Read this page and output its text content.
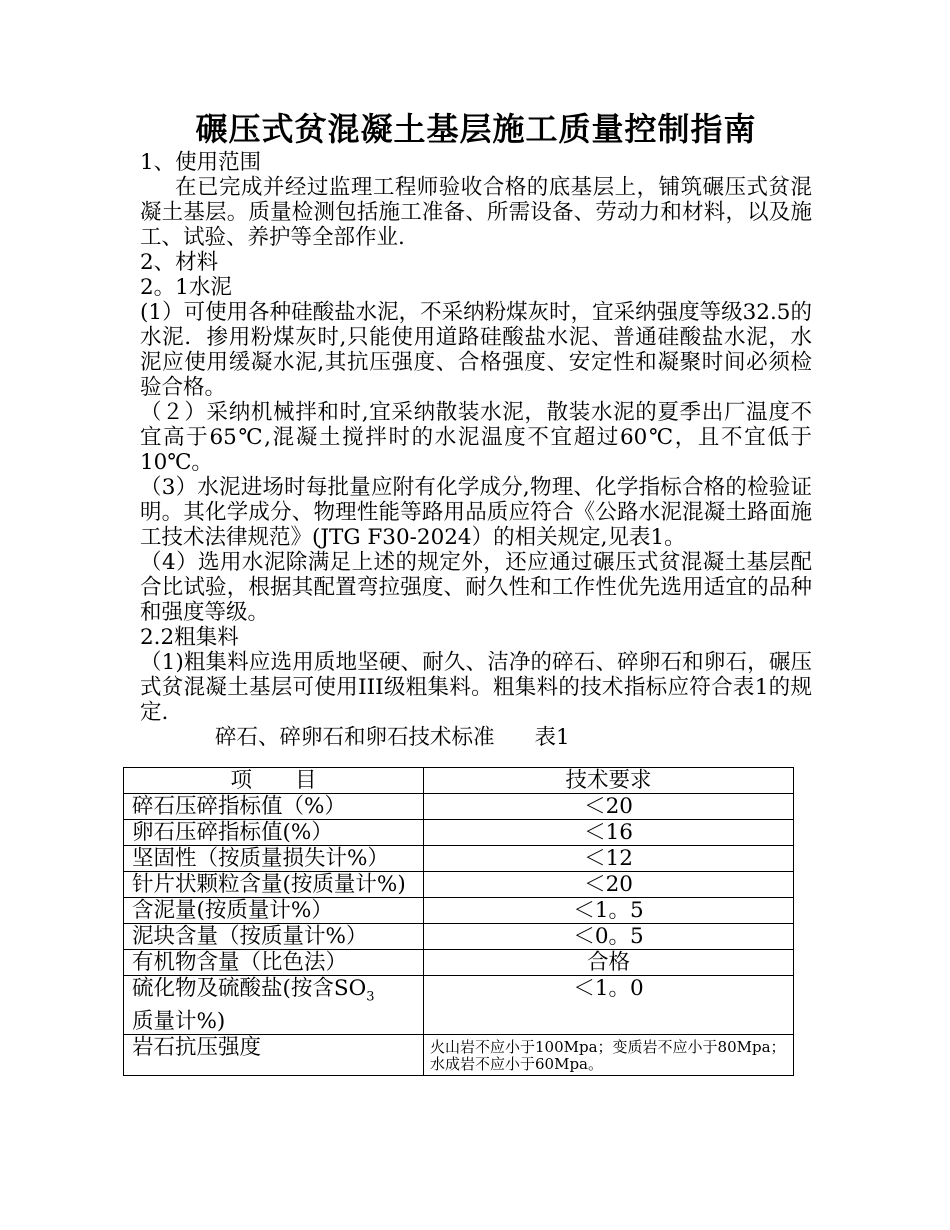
碾压式贫混凝土基层施工质量控制指南

1、使用范围

在已完成并经过监理工程师验收合格的底基层上，铺筑碾压式贫混凝土基层。质量检测包括施工准备、所需设备、劳动力和材料，以及施工、试验、养护等全部作业.

2、材料

2。1水泥

(1）可使用各种硅酸盐水泥，不采纳粉煤灰时，宜采纳强度等级32.5的水泥．掺用粉煤灰时,只能使用道路硅酸盐水泥、普通硅酸盐水泥，水泥应使用缓凝水泥,其抗压强度、合格强度、安定性和凝聚时间必须检验合格。

（２）采纳机械拌和时,宜采纳散装水泥，散装水泥的夏季出厂温度不宜高于65℃,混凝土搅拌时的水泥温度不宜超过60℃，且不宜低于10℃。

（3）水泥进场时每批量应附有化学成分,物理、化学指标合格的检验证明。其化学成分、物理性能等路用品质应符合《公路水泥混凝土路面施工技术法律规范》(JTG F30-2024）的相关规定,见表1。

（4）选用水泥除满足上述的规定外，还应通过碾压式贫混凝土基层配合比试验，根据其配置弯拉强度、耐久性和工作性优先选用适宜的品种和强度等级。

2.2粗集料

（1)粗集料应选用质地坚硬、耐久、洁净的碎石、碎卵石和卵石，碾压式贫混凝土基层可使用III级粗集料。粗集料的技术指标应符合表1的规定.

碎石、碎卵石和卵石技术标准 表1

项　　目	技术要求
碎石压碎指标值（%）	＜20
卵石压碎指标值(%）	＜16
坚固性（按质量损失计%）	＜12
针片状颗粒含量(按质量计%)	＜20
含泥量(按质量计%）	＜1。5
泥块含量（按质量计%）	＜0。5
有机物含量（比色法）	合格
硫化物及硫酸盐(按含$SO_3$
质量计%)	＜1。0
岩石抗压强度	火山岩不应小于100Mpa；变质岩不应小于80Mpa；水成岩不应小于60Mpa。
